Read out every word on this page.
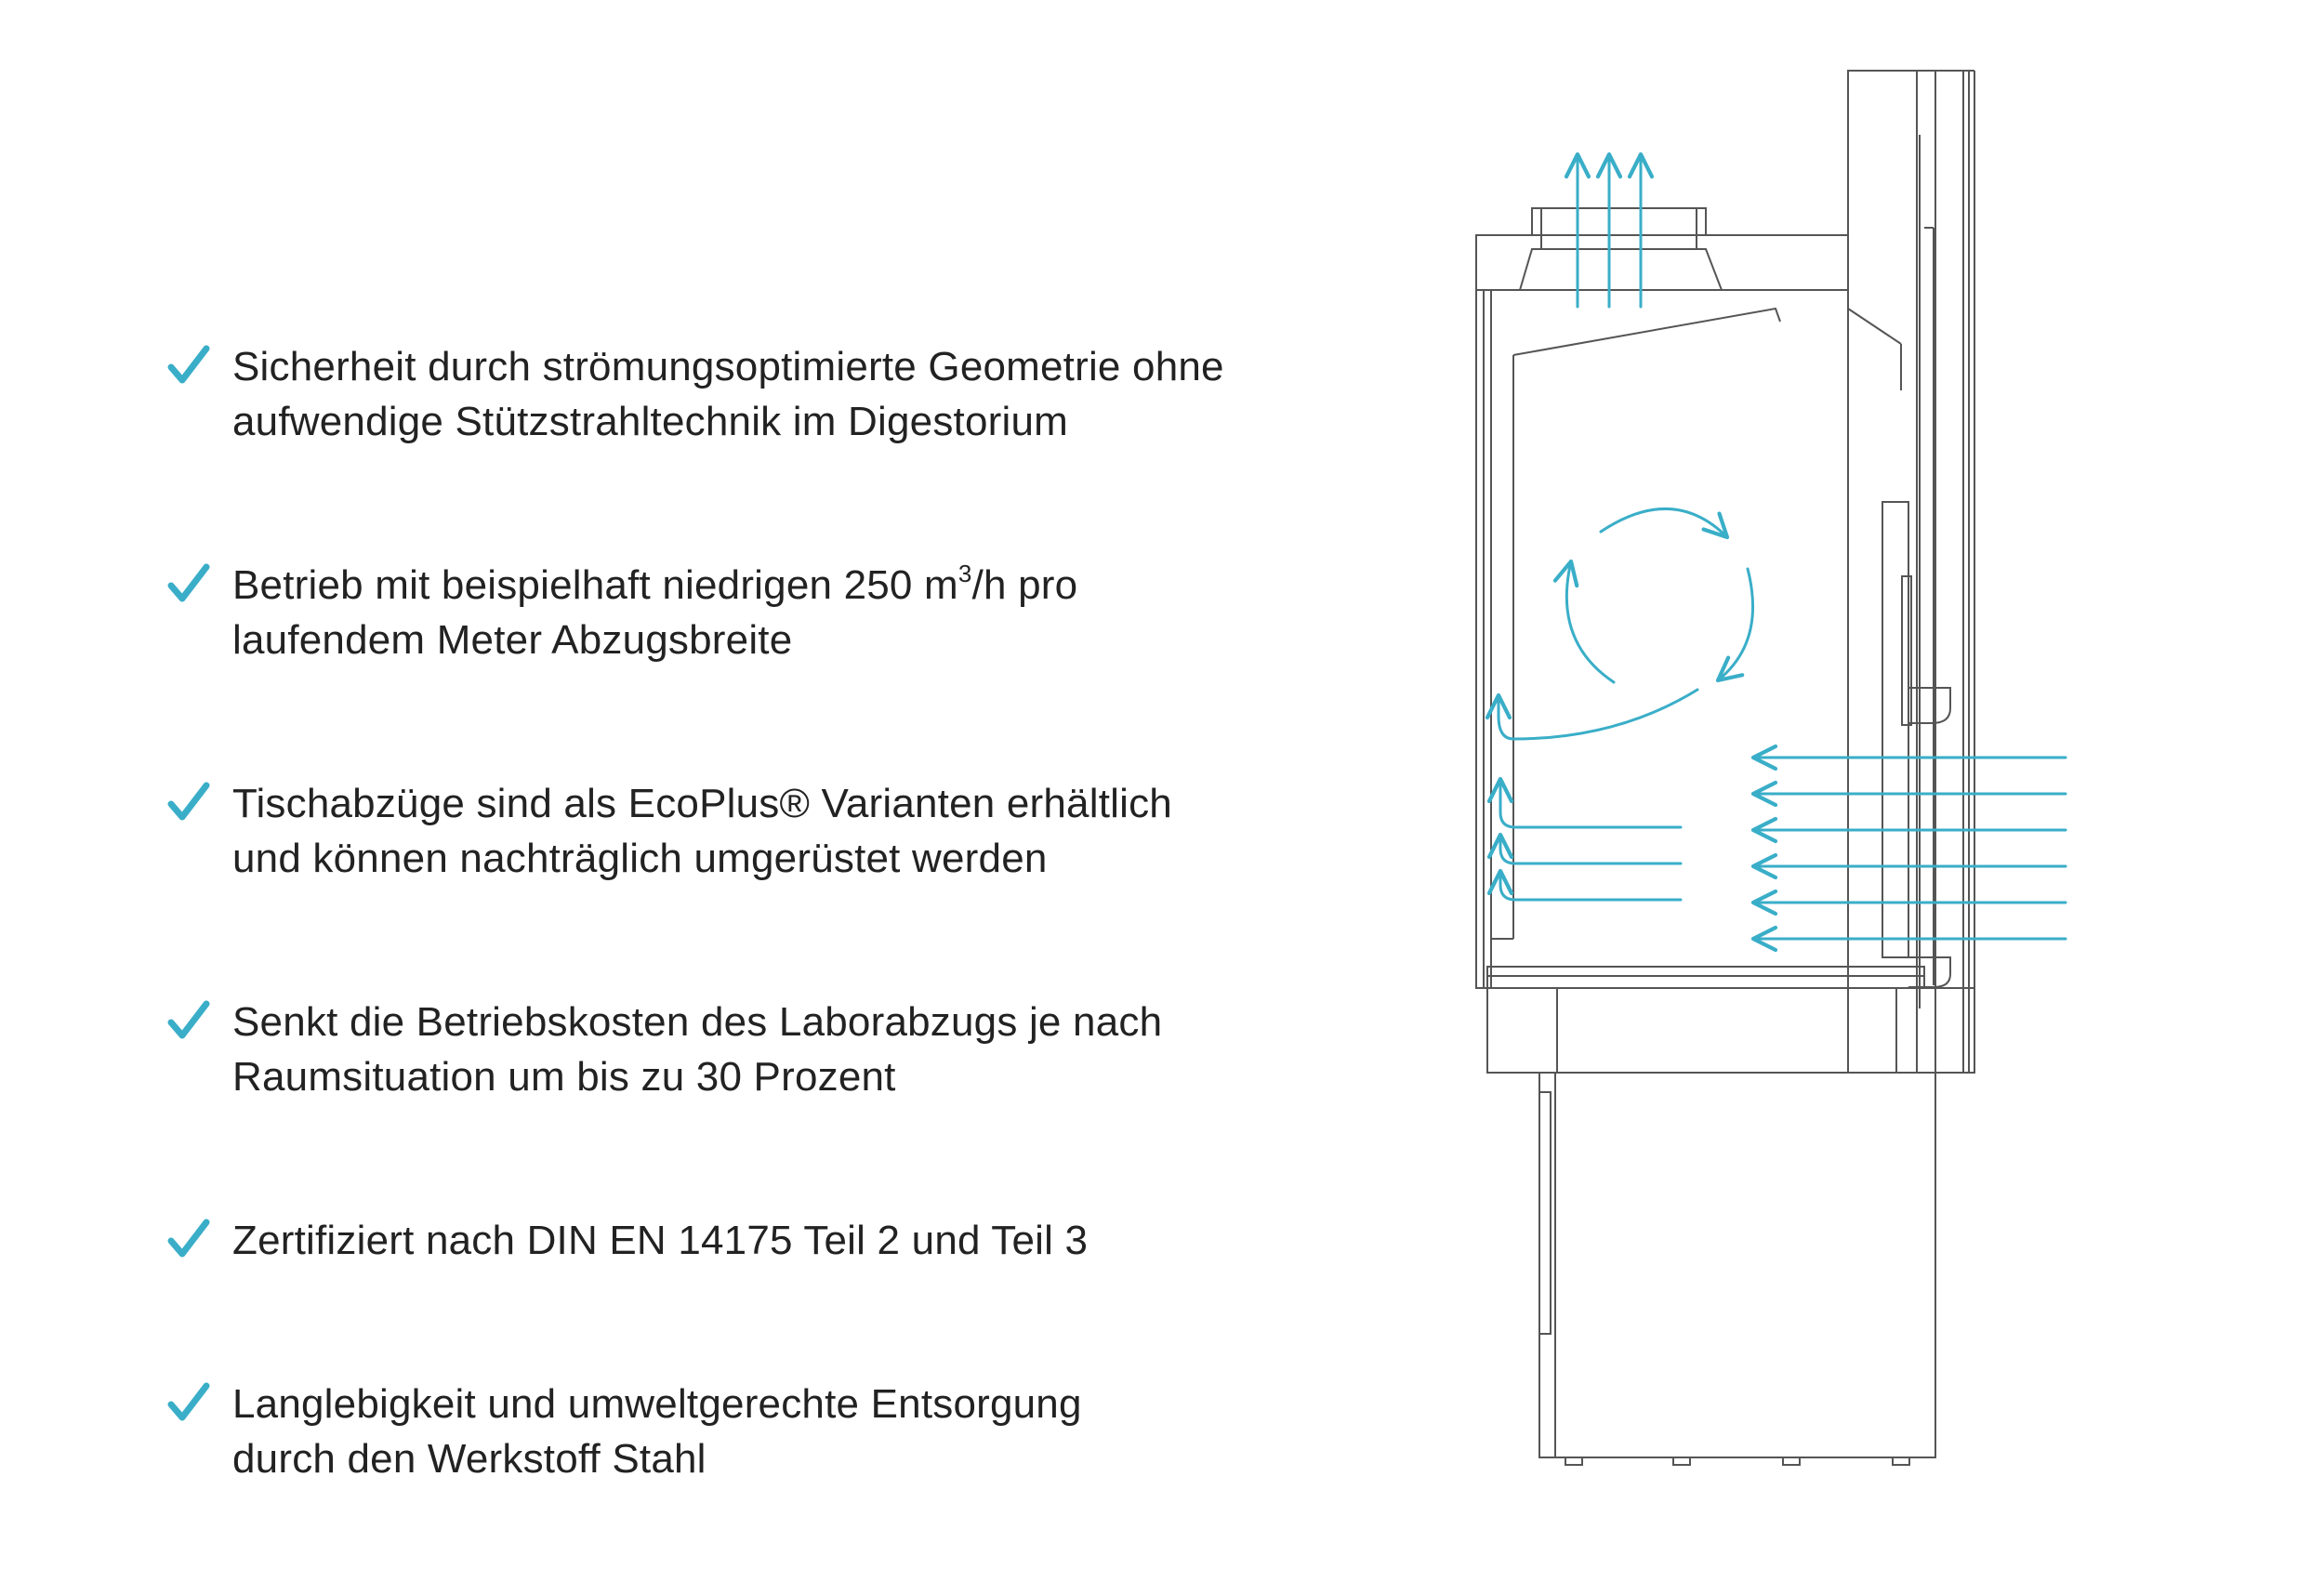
Sicherheit durch strömungsoptimierte Geometrie ohne
aufwendige Stützstrahltechnik im Digestorium
Betrieb mit beispielhaft niedrigen 250 $m^3/h$ pro
laufendem Meter Abzugsbreite
Tischabzüge sind als EcoPlus® Varianten erhältlich
und können nachträglich umgerüstet werden
Senkt die Betriebskosten des Laborabzugs je nach
Raumsituation um bis zu 30 Prozent
Zertifiziert nach DIN EN 14175 Teil 2 und Teil 3
Langlebigkeit und umweltgerechte Entsorgung
durch den Werkstoff Stahl
